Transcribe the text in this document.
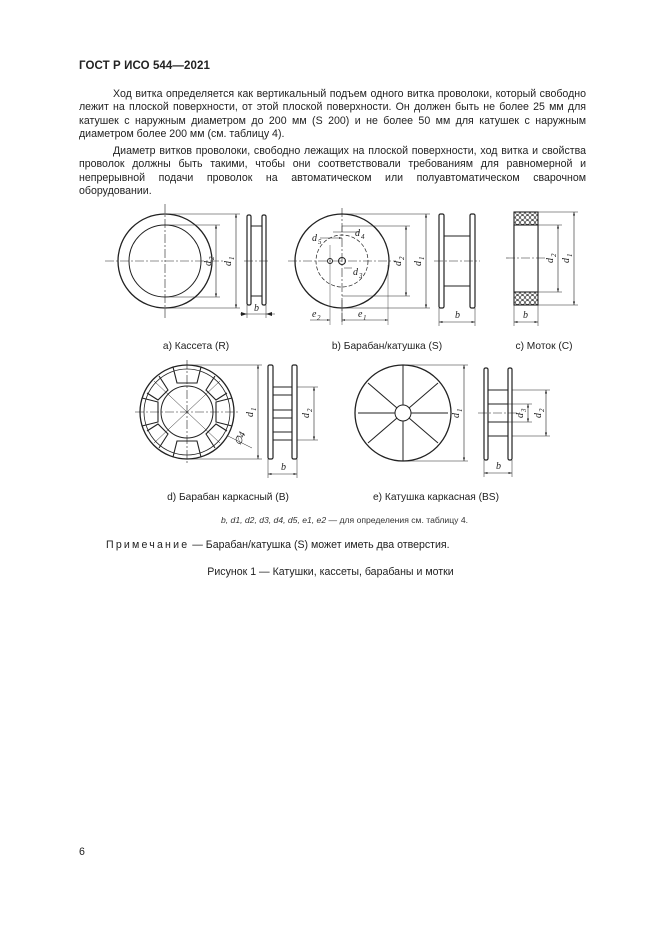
ГОСТ Р ИСО 544—2021

Ход витка определяется как вертикальный подъем одного витка проволоки, который свободно лежит на плоской поверхности, от этой плоской поверхности. Он должен быть не более 25 мм для катушек с наружным диаметром до 200 мм (S 200) и не более 50 мм для катушек с наружным диаметром более 200 мм (см. таблицу 4).

Диаметр витков проволоки, свободно лежащих на плоской поверхности, ход витка и свойства проволок должны быть такими, чтобы они соответствовали требованиям для равномерной и непрерывной подачи проволок на автоматическом или полуавтоматическом сварочном оборудовании.

d
2
d
1
b
d 5
d 4
d 3
d
2
d
1
e 2	e 1	b
d
2
d
1
b
d
1
d
2
∅4
b
d
1
d
3
d
2
b
a) Кассета (R)	b) Барабан/катушка (S)	c) Моток (C)
d) Барабан каркасный (B)	e) Катушка каркасная (BS)
b, d1, d2, d3, d4, d5, e1, e2 — для определения см. таблицу 4.
Примечание — Барабан/катушка (S) может иметь два отверстия.
Рисунок 1 — Катушки, кассеты, барабаны и мотки
6
